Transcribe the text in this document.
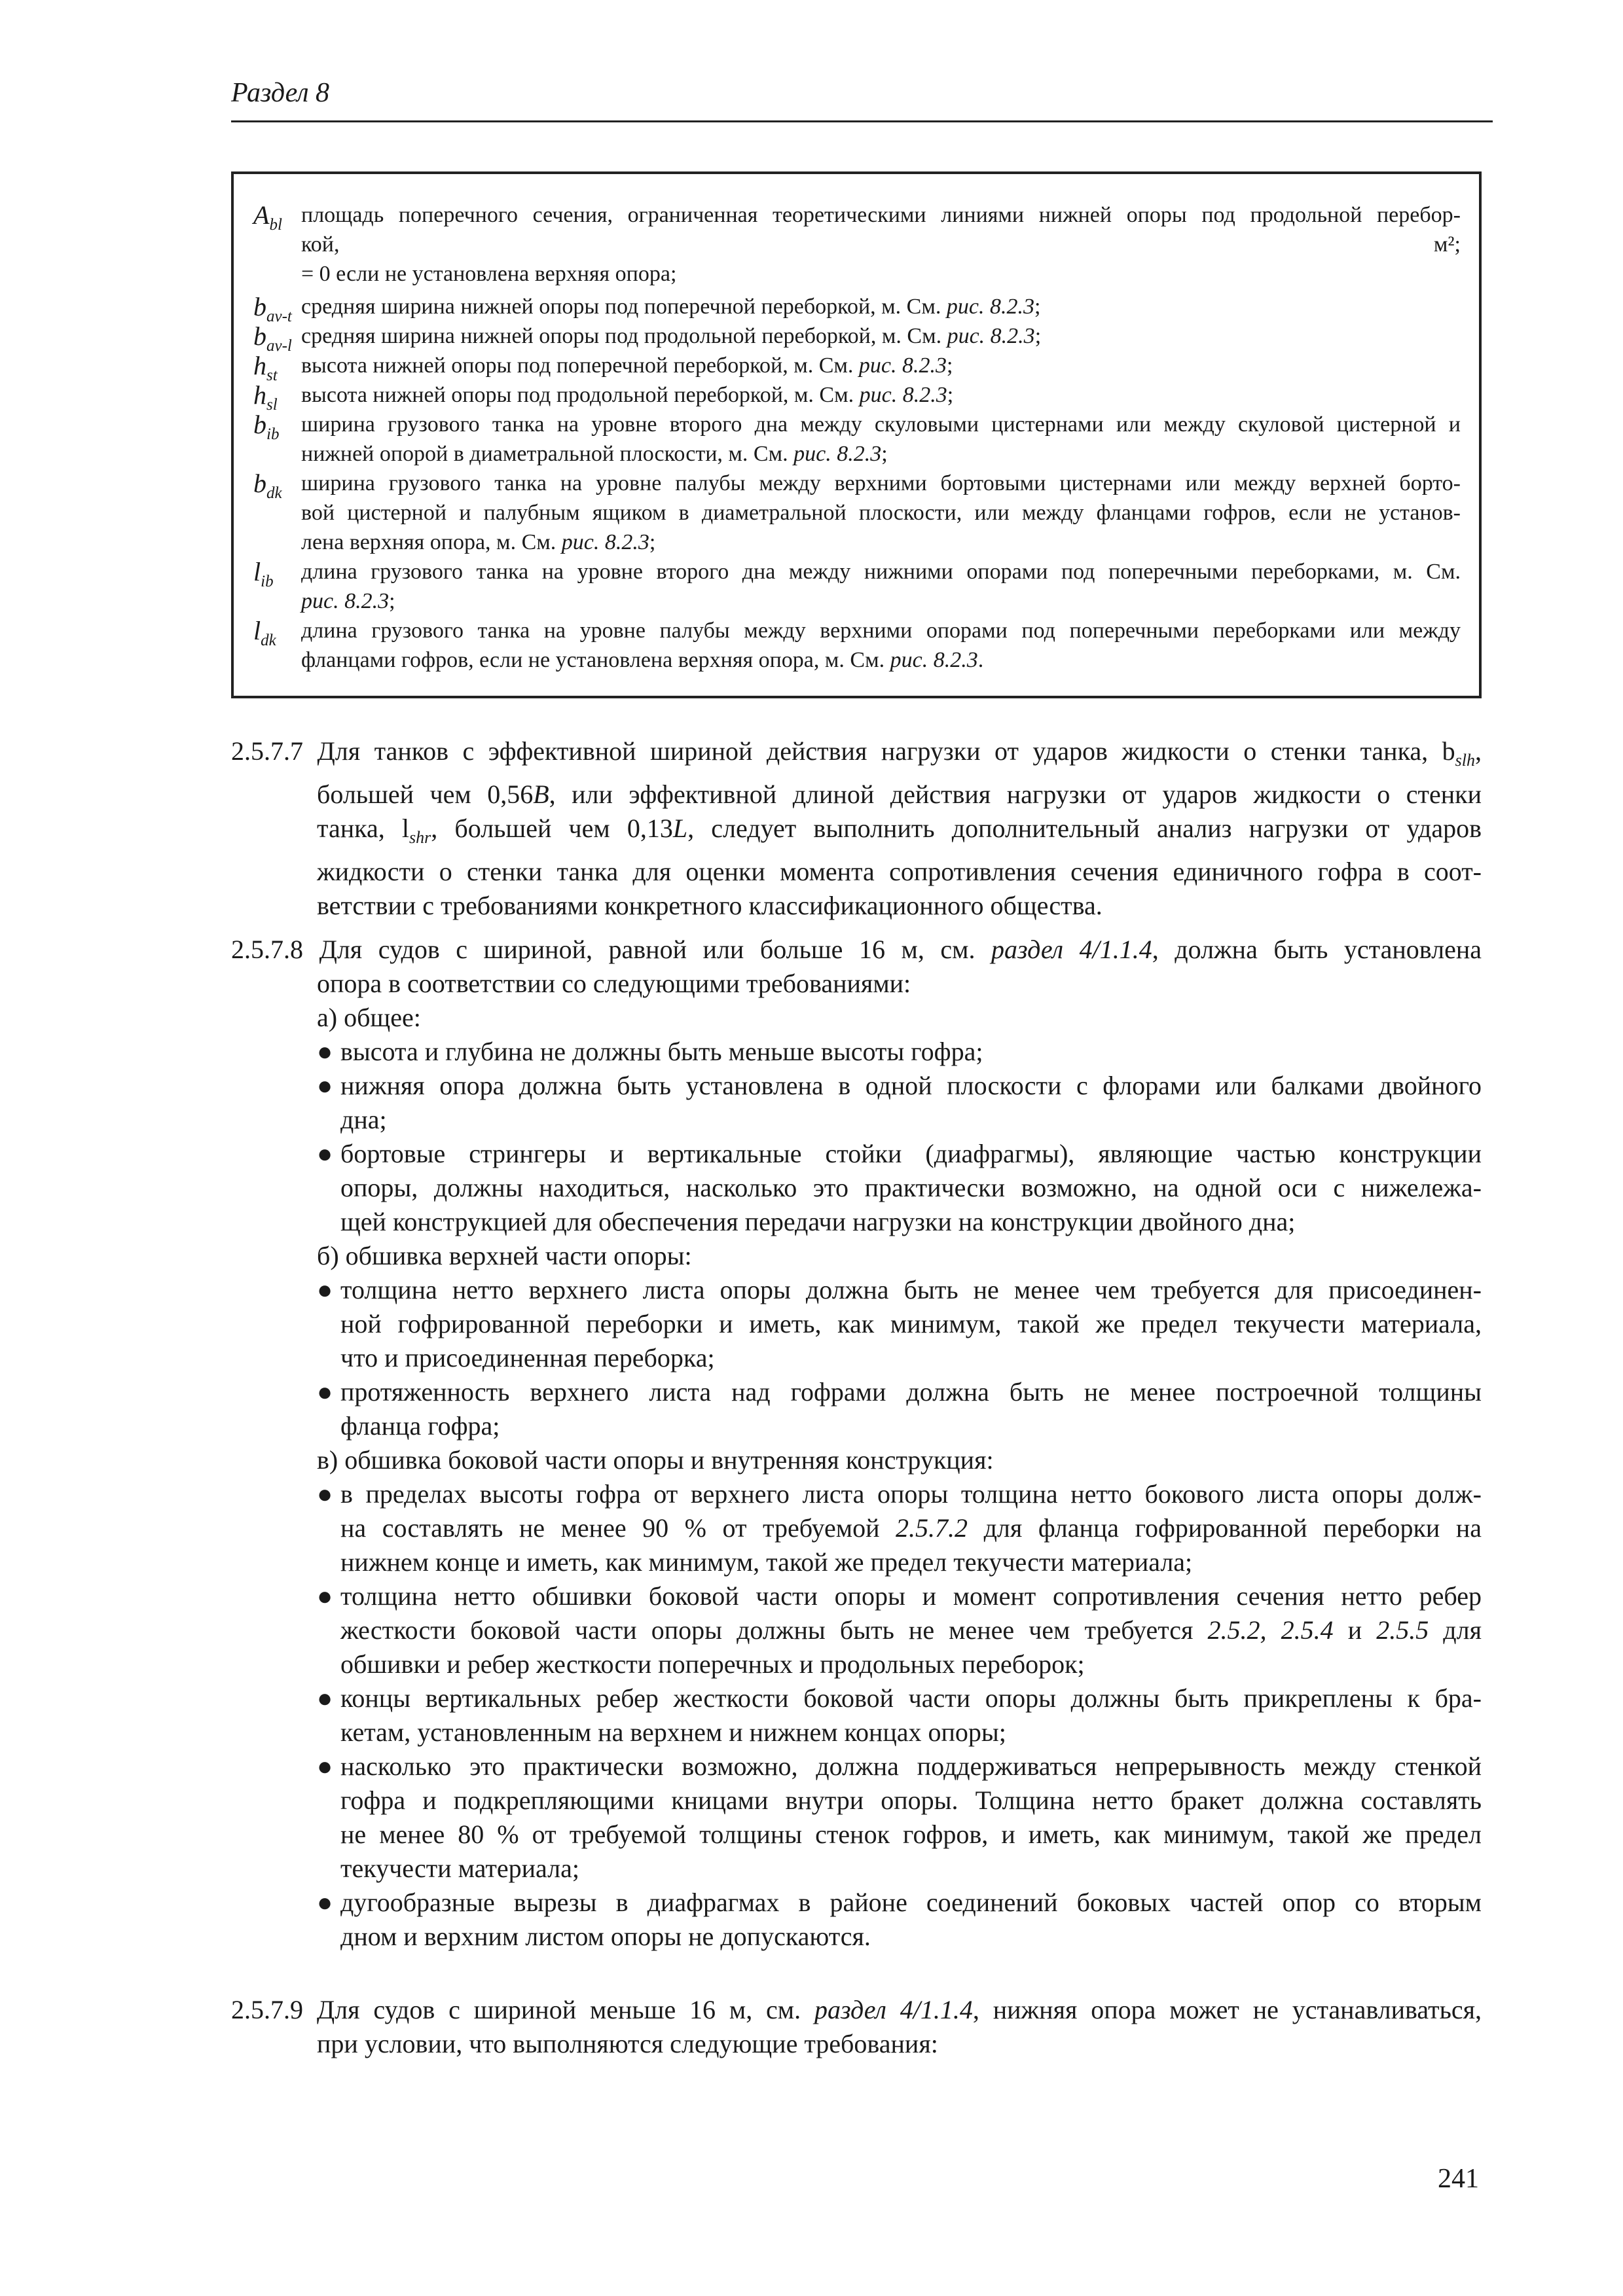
Раздел 8
$A_{bl}$ площадь поперечного сечения, ограниченная теоретическими линиями нижней опоры под продольной перебор-
кой, м²;
= 0 если не установлена верхняя опора;
$b_{av-t}$ средняя ширина нижней опоры под поперечной переборкой, м. См. рис. 8.2.3;
$b_{av-l}$ средняя ширина нижней опоры под продольной переборкой, м. См. рис. 8.2.3;
$h_{st}$ высота нижней опоры под поперечной переборкой, м. См. рис. 8.2.3;
$h_{sl}$ высота нижней опоры под продольной переборкой, м. См. рис. 8.2.3;
$b_{ib}$ ширина грузового танка на уровне второго дна между скуловыми цистернами или между скуловой цистерной и
нижней опорой в диаметральной плоскости, м. См. рис. 8.2.3;
$b_{dk}$ ширина грузового танка на уровне палубы между верхними бортовыми цистернами или между верхней борто-
вой цистерной и палубным ящиком в диаметральной плоскости, или между фланцами гофров, если не установ-
лена верхняя опора, м. См. рис. 8.2.3;
$l_{ib}$ длина грузового танка на уровне второго дна между нижними опорами под поперечными переборками, м. См.
рис. 8.2.3;
$l_{dk}$ длина грузового танка на уровне палубы между верхними опорами под поперечными переборками или между
фланцами гофров, если не установлена верхняя опора, м. См. рис. 8.2.3.
2.5.7.7 Для танков с эффективной шириной действия нагрузки от ударов жидкости о стенки танка, $b_{slh}$,
большей чем 0,56B, или эффективной длиной действия нагрузки от ударов жидкости о стенки
танка, $l_{shr}$, большей чем 0,13L, следует выполнить дополнительный анализ нагрузки от ударов
жидкости о стенки танка для оценки момента сопротивления сечения единичного гофра в соот-
ветствии с требованиями конкретного классификационного общества.
2.5.7.8 Для судов с шириной, равной или больше 16 м, см. раздел 4/1.1.4, должна быть установлена
опора в соответствии со следующими требованиями:
а) общее:
● высота и глубина не должны быть меньше высоты гофра;
● нижняя опора должна быть установлена в одной плоскости с флорами или балками двойного
дна;
● бортовые стрингеры и вертикальные стойки (диафрагмы), являющие частью конструкции
опоры, должны находиться, насколько это практически возможно, на одной оси с нижележа-
щей конструкцией для обеспечения передачи нагрузки на конструкции двойного дна;
б) обшивка верхней части опоры:
● толщина нетто верхнего листа опоры должна быть не менее чем требуется для присоединен-
ной гофрированной переборки и иметь, как минимум, такой же предел текучести материала,
что и присоединенная переборка;
● протяженность верхнего листа над гофрами должна быть не менее построечной толщины
фланца гофра;
в) обшивка боковой части опоры и внутренняя конструкция:
● в пределах высоты гофра от верхнего листа опоры толщина нетто бокового листа опоры долж-
на составлять не менее 90 % от требуемой 2.5.7.2 для фланца гофрированной переборки на
нижнем конце и иметь, как минимум, такой же предел текучести материала;
● толщина нетто обшивки боковой части опоры и момент сопротивления сечения нетто ребер
жесткости боковой части опоры должны быть не менее чем требуется 2.5.2, 2.5.4 и 2.5.5 для
обшивки и ребер жесткости поперечных и продольных переборок;
● концы вертикальных ребер жесткости боковой части опоры должны быть прикреплены к бра-
кетам, установленным на верхнем и нижнем концах опоры;
● насколько это практически возможно, должна поддерживаться непрерывность между стенкой
гофра и подкрепляющими кницами внутри опоры. Толщина нетто бракет должна составлять
не менее 80 % от требуемой толщины стенок гофров, и иметь, как минимум, такой же предел
текучести материала;
● дугообразные вырезы в диафрагмах в районе соединений боковых частей опор со вторым
дном и верхним листом опоры не допускаются.
2.5.7.9 Для судов с шириной меньше 16 м, см. раздел 4/1.1.4, нижняя опора может не устанавливаться,
при условии, что выполняются следующие требования:
241
